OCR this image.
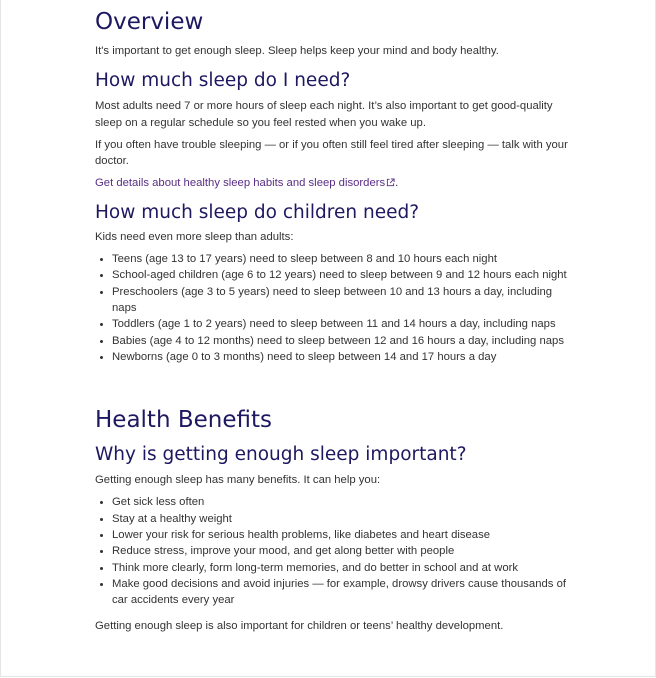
Overview

It's important to get enough sleep. Sleep helps keep your mind and body healthy.

How much sleep do I need?

Most adults need 7 or more hours of sleep each night. It’s also important to get good-quality sleep on a regular schedule so you feel rested when you wake up.

If you often have trouble sleeping — or if you often still feel tired after sleeping — talk with your doctor.

Get details about healthy sleep habits and sleep disorders .

How much sleep do children need?

Kids need even more sleep than adults:

• Teens (age 13 to 17 years) need to sleep between 8 and 10 hours each night
• School-aged children (age 6 to 12 years) need to sleep between 9 and 12 hours each night
• Preschoolers (age 3 to 5 years) need to sleep between 10 and 13 hours a day, including naps
• Toddlers (age 1 to 2 years) need to sleep between 11 and 14 hours a day, including naps
• Babies (age 4 to 12 months) need to sleep between 12 and 16 hours a day, including naps
• Newborns (age 0 to 3 months) need to sleep between 14 and 17 hours a day
Health Benefits
Why is getting enough sleep important?

Getting enough sleep has many benefits. It can help you:

• Get sick less often
• Stay at a healthy weight
• Lower your risk for serious health problems, like diabetes and heart disease
• Reduce stress, improve your mood, and get along better with people
• Think more clearly, form long-term memories, and do better in school and at work
• Make good decisions and avoid injuries — for example, drowsy drivers cause thousands of car accidents every year

Getting enough sleep is also important for children or teens’ healthy development.
